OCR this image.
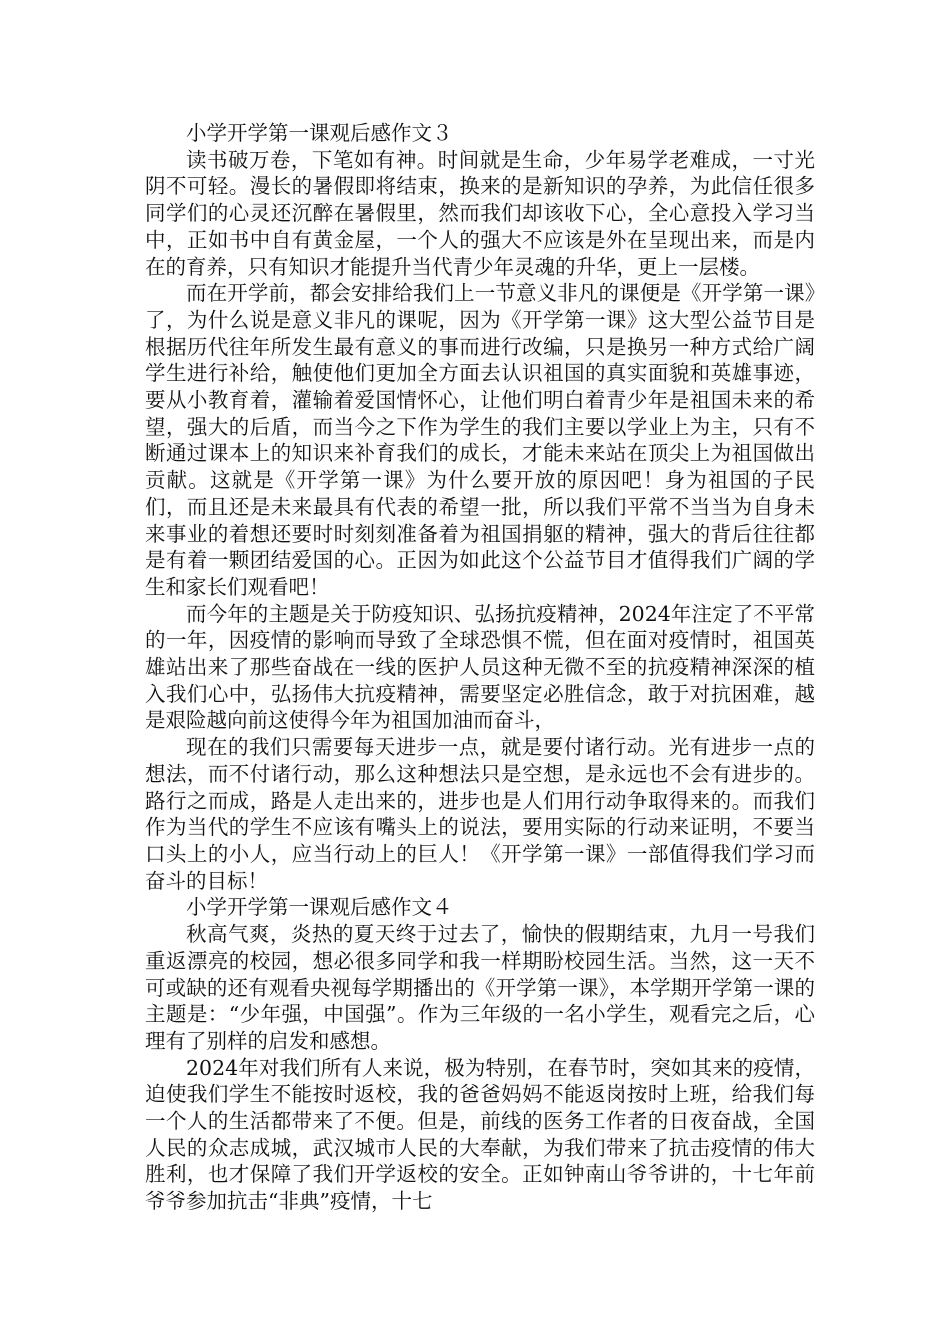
小学开学第一课观后感作文３

读书破万卷，下笔如有神。时间就是生命，少年易学老难成，一寸光阴不可轻。漫长的暑假即将结束，换来的是新知识的孕养，为此信任很多同学们的心灵还沉醉在暑假里，然而我们却该收下心，全心意投入学习当中，正如书中自有黄金屋，一个人的强大不应该是外在呈现出来，而是内在的育养，只有知识才能提升当代青少年灵魂的升华，更上一层楼。

而在开学前，都会安排给我们上一节意义非凡的课便是《开学第一课》了，为什么说是意义非凡的课呢，因为《开学第一课》这大型公益节目是根据历代往年所发生最有意义的事而进行改编，只是换另一种方式给广阔学生进行补给，触使他们更加全方面去认识祖国的真实面貌和英雄事迹，要从小教育着，灌输着爱国情怀心，让他们明白着青少年是祖国未来的希望，强大的后盾，而当今之下作为学生的我们主要以学业上为主，只有不断通过课本上的知识来补育我们的成长，才能未来站在顶尖上为祖国做出贡献。这就是《开学第一课》为什么要开放的原因吧！身为祖国的子民们，而且还是未来最具有代表的希望一批，所以我们平常不当当为自身未来事业的着想还要时时刻刻准备着为祖国捐躯的精神，强大的背后往往都是有着一颗团结爱国的心。正因为如此这个公益节目才值得我们广阔的学生和家长们观看吧！

而今年的主题是关于防疫知识、弘扬抗疫精神，2024年注定了不平常的一年，因疫情的影响而导致了全球恐惧不慌，但在面对疫情时，祖国英雄站出来了那些奋战在一线的医护人员这种无微不至的抗疫精神深深的植入我们心中，弘扬伟大抗疫精神，需要坚定必胜信念，敢于对抗困难，越是艰险越向前这使得今年为祖国加油而奋斗，

现在的我们只需要每天进步一点，就是要付诸行动。光有进步一点的想法，而不付诸行动，那么这种想法只是空想，是永远也不会有进步的。路行之而成，路是人走出来的，进步也是人们用行动争取得来的。而我们作为当代的学生不应该有嘴头上的说法，要用实际的行动来证明，不要当口头上的小人，应当行动上的巨人！《开学第一课》一部值得我们学习而奋斗的目标！

小学开学第一课观后感作文４

秋高气爽，炎热的夏天终于过去了，愉快的假期结束，九月一号我们重返漂亮的校园，想必很多同学和我一样期盼校园生活。当然，这一天不可或缺的还有观看央视每学期播出的《开学第一课》，本学期开学第一课的主题是：“少年强，中国强”。作为三年级的一名小学生，观看完之后，心理有了别样的启发和感想。

2024年对我们所有人来说，极为特别，在春节时，突如其来的疫情，迫使我们学生不能按时返校，我的爸爸妈妈不能返岗按时上班，给我们每一个人的生活都带来了不便。但是，前线的医务工作者的日夜奋战，全国人民的众志成城，武汉城市人民的大奉献，为我们带来了抗击疫情的伟大胜利，也才保障了我们开学返校的安全。正如钟南山爷爷讲的，十七年前爷爷参加抗击“非典”疫情，十七
